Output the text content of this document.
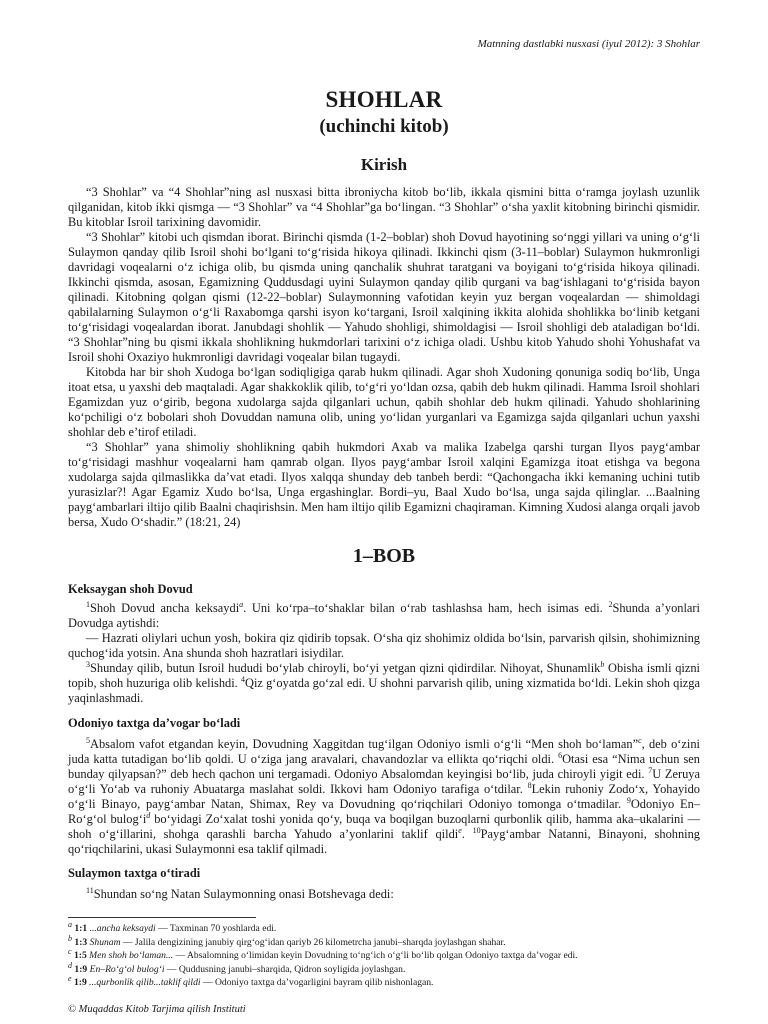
Matnning dastlabki nusxasi (iyul 2012): 3 Shohlar
SHOHLAR
(uchinchi kitob)
Kirish

“3 Shohlar” va “4 Shohlar”ning asl nusxasi bitta ibroniycha kitob bo‘lib, ikkala qismini bitta o‘ramga joylash uzunlik qilganidan, kitob ikki qismga — “3 Shohlar” va “4 Shohlar”ga bo‘lingan. “3 Shohlar” o‘sha yaxlit kitobning birinchi qismidir. Bu kitoblar Isroil tarixining davomidir.

“3 Shohlar” kitobi uch qismdan iborat. Birinchi qismda (1-2–boblar) shoh Dovud hayotining so‘nggi yillari va uning o‘g‘li Sulaymon qanday qilib Isroil shohi bo‘lgani to‘g‘risida hikoya qilinadi. Ikkinchi qism (3-11–boblar) Sulaymon hukmronligi davridagi voqealarni o‘z ichiga olib, bu qismda uning qanchalik shuhrat taratgani va boyigani to‘g‘risida hikoya qilinadi. Ikkinchi qismda, asosan, Egamizning Quddusdagi uyini Sulaymon qanday qilib qurgani va bag‘ishlagani to‘g‘risida bayon qilinadi. Kitobning qolgan qismi (12-22–boblar) Sulaymonning vafotidan keyin yuz bergan voqealardan — shimoldagi qabilalarning Sulaymon o‘g‘li Raxabomga qarshi isyon ko‘targani, Isroil xalqining ikkita alohida shohlikka bo‘linib ketgani to‘g‘risidagi voqealardan iborat. Janubdagi shohlik — Yahudo shohligi, shimoldagisi — Isroil shohligi deb ataladigan bo‘ldi. “3 Shohlar”ning bu qismi ikkala shohlikning hukmdorlari tarixini o‘z ichiga oladi. Ushbu kitob Yahudo shohi Yohushafat va Isroil shohi Oxaziyo hukmronligi davridagi voqealar bilan tugaydi.

Kitobda har bir shoh Xudoga bo‘lgan sodiqligiga qarab hukm qilinadi. Agar shoh Xudoning qonuniga sodiq bo‘lib, Unga itoat etsa, u yaxshi deb maqtaladi. Agar shakkoklik qilib, to‘g‘ri yo‘ldan ozsa, qabih deb hukm qilinadi. Hamma Isroil shohlari Egamizdan yuz o‘girib, begona xudolarga sajda qilganlari uchun, qabih shohlar deb hukm qilinadi. Yahudo shohlarining ko‘pchiligi o‘z bobolari shoh Dovuddan namuna olib, uning yo‘lidan yurganlari va Egamizga sajda qilganlari uchun yaxshi shohlar deb e’tirof etiladi.

“3 Shohlar” yana shimoliy shohlikning qabih hukmdori Axab va malika Izabelga qarshi turgan Ilyos payg‘ambar to‘g‘risidagi mashhur voqealarni ham qamrab olgan. Ilyos payg‘ambar Isroil xalqini Egamizga itoat etishga va begona xudolarga sajda qilmaslikka da’vat etadi. Ilyos xalqqa shunday deb tanbeh berdi: “Qachongacha ikki kemaning uchini tutib yurasizlar?! Agar Egamiz Xudo bo‘lsa, Unga ergashinglar. Bordi–yu, Baal Xudo bo‘lsa, unga sajda qilinglar. ...Baalning payg‘ambarlari iltijo qilib Baalni chaqirishsin. Men ham iltijo qilib Egamizni chaqiraman. Kimning Xudosi alanga orqali javob bersa, Xudo O‘shadir.” (18:21, 24)

1–BOB
Keksaygan shoh Dovud

$^1$Shoh Dovud ancha keksaydi$^a$. Uni ko‘rpa–to‘shaklar bilan o‘rab tashlashsa ham, hech isimas edi. $^2$Shunda a’yonlari Dovudga aytishdi:

— Hazrati oliylari uchun yosh, bokira qiz qidirib topsak. O‘sha qiz shohimiz oldida bo‘lsin, parvarish qilsin, shohimizning quchog‘ida yotsin. Ana shunda shoh hazratlari isiydilar.

$^3$Shunday qilib, butun Isroil hududi bo‘ylab chiroyli, bo‘yi yetgan qizni qidirdilar. Nihoyat, Shunamlik$^b$ Obisha ismli qizni topib, shoh huzuriga olib kelishdi. $^4$Qiz g‘oyatda go‘zal edi. U shohni parvarish qilib, uning xizmatida bo‘ldi. Lekin shoh qizga yaqinlashmadi.

Odoniyo taxtga da’vogar bo‘ladi

$^5$Absalom vafot etgandan keyin, Dovudning Xaggitdan tug‘ilgan Odoniyo ismli o‘g‘li “Men shoh bo‘laman”$^c$, deb o‘zini juda katta tutadigan bo‘lib qoldi. U o‘ziga jang aravalari, chavandozlar va ellikta qo‘riqchi oldi. $^6$Otasi esa “Nima uchun sen bunday qilyapsan?” deb hech qachon uni tergamadi. Odoniyo Absalomdan keyingisi bo‘lib, juda chiroyli yigit edi. $^7$U Zeruya o‘g‘li Yo‘ab va ruhoniy Abuatarga maslahat soldi. Ikkovi ham Odoniyo tarafiga o‘tdilar. $^8$Lekin ruhoniy Zodo‘x, Yohayido o‘g‘li Binayo, payg‘ambar Natan, Shimax, Rey va Dovudning qo‘riqchilari Odoniyo tomonga o‘tmadilar. $^9$Odoniyo En–Ro‘g‘ol $bulog‘i^d$ bo‘yidagi Zo‘xalat toshi yonida qo‘y, buqa va boqilgan buzoqlarni qurbonlik qilib, hamma aka–ukalarini — shoh o‘g‘illarini, shohga qarashli barcha Yahudo a’yonlarini taklif qildi$^e$. $^{10}$Payg‘ambar Natanni, Binayoni, shohning qo‘riqchilarini, ukasi Sulaymonni esa taklif qilmadi.

Sulaymon taxtga o‘tiradi

$^{11}$Shundan so‘ng Natan Sulaymonning onasi Botshevaga dedi:

$^a$ 1:1 ...ancha keksaydi — Taxminan 70 yoshlarda edi.
$^b$ 1:3 Shunam — Jalila dengizining janubiy qirg‘og‘idan qariyb 26 kilometrcha janubi–sharqda joylashgan shahar.
$^c$ 1:5 Men shoh bo‘laman... — Absalomning o‘limidan keyin Dovudning to‘ng‘ich o‘g‘li bo‘lib qolgan Odoniyo taxtga da’vogar edi.
$^d$ 1:9 En–Ro‘g‘ol bulog‘i — Quddusning janubi–sharqida, Qidron soyligida joylashgan.
$^e$ 1:9 ...qurbonlik qilib...taklif qildi — Odoniyo taxtga da’vogarligini bayram qilib nishonlagan.
© Muqaddas Kitob Tarjima qilish Instituti
